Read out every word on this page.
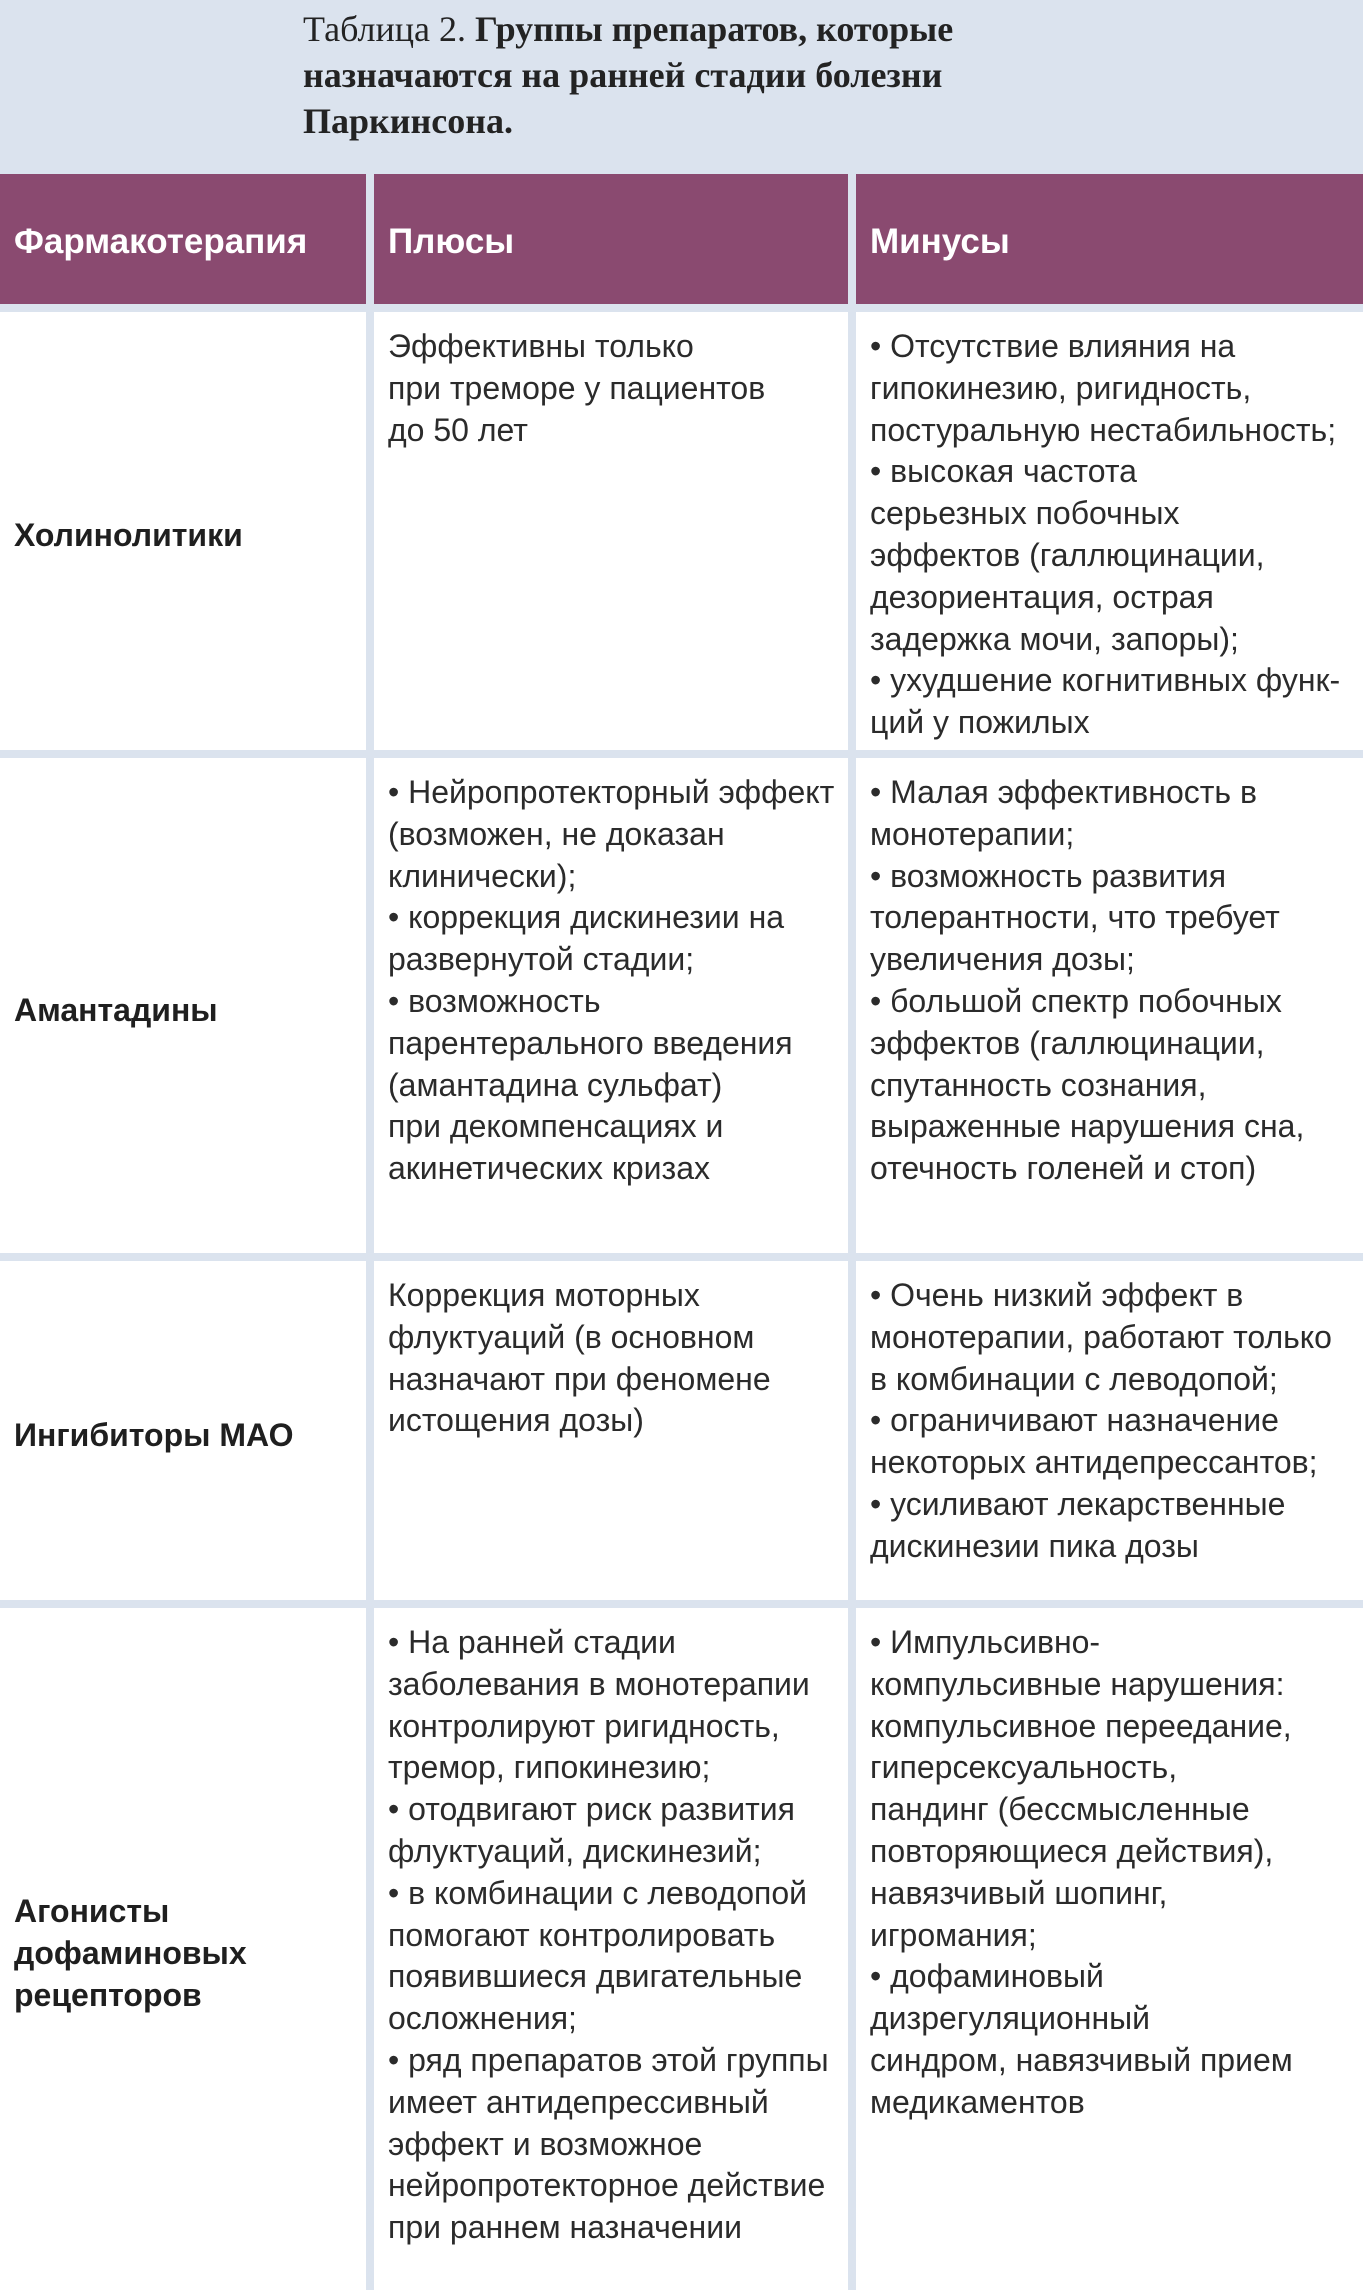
Таблица 2. Группы препаратов, которые
назначаются на ранней стадии болезни
Паркинсона.
Фармакотерапия	Плюсы	Минусы
Холинолитики
Эффективны только
при треморе у пациентов
до 50 лет
• Отсутствие влияния на
гипокинезию, ригидность,
постуральную нестабильность;
• высокая частота
серьезных побочных
эффектов (галлюцинации,
дезориентация, острая
задержка мочи, запоры);
• ухудшение когнитивных функ-
ций у пожилых
Амантадины
• Нейропротекторный эффект
(возможен, не доказан
клинически);
• коррекция дискинезии на
развернутой стадии;
• возможность
парентерального введения
(амантадина сульфат)
при декомпенсациях и
акинетических кризах
• Малая эффективность в
монотерапии;
• возможность развития
толерантности, что требует
увеличения дозы;
• большой спектр побочных
эффектов (галлюцинации,
спутанность сознания,
выраженные нарушения сна,
отечность голеней и стоп)
Ингибиторы МАО
Коррекция моторных
флуктуаций (в основном
назначают при феномене
истощения дозы)
• Очень низкий эффект в
монотерапии, работают только
в комбинации с леводопой;
• ограничивают назначение
некоторых антидепрессантов;
• усиливают лекарственные
дискинезии пика дозы
Агонисты
дофаминовых
рецепторов
• На ранней стадии
заболевания в монотерапии
контролируют ригидность,
тремор, гипокинезию;
• отодвигают риск развития
флуктуаций, дискинезий;
• в комбинации с леводопой
помогают контролировать
появившиеся двигательные
осложнения;
• ряд препаратов этой группы
имеет антидепрессивный
эффект и возможное
нейропротекторное действие
при раннем назначении
• Импульсивно-
компульсивные нарушения:
компульсивное переедание,
гиперсексуальность,
пандинг (бессмысленные
повторяющиеся действия),
навязчивый шопинг,
игромания;
• дофаминовый
дизрегуляционный
синдром, навязчивый прием
медикаментов
